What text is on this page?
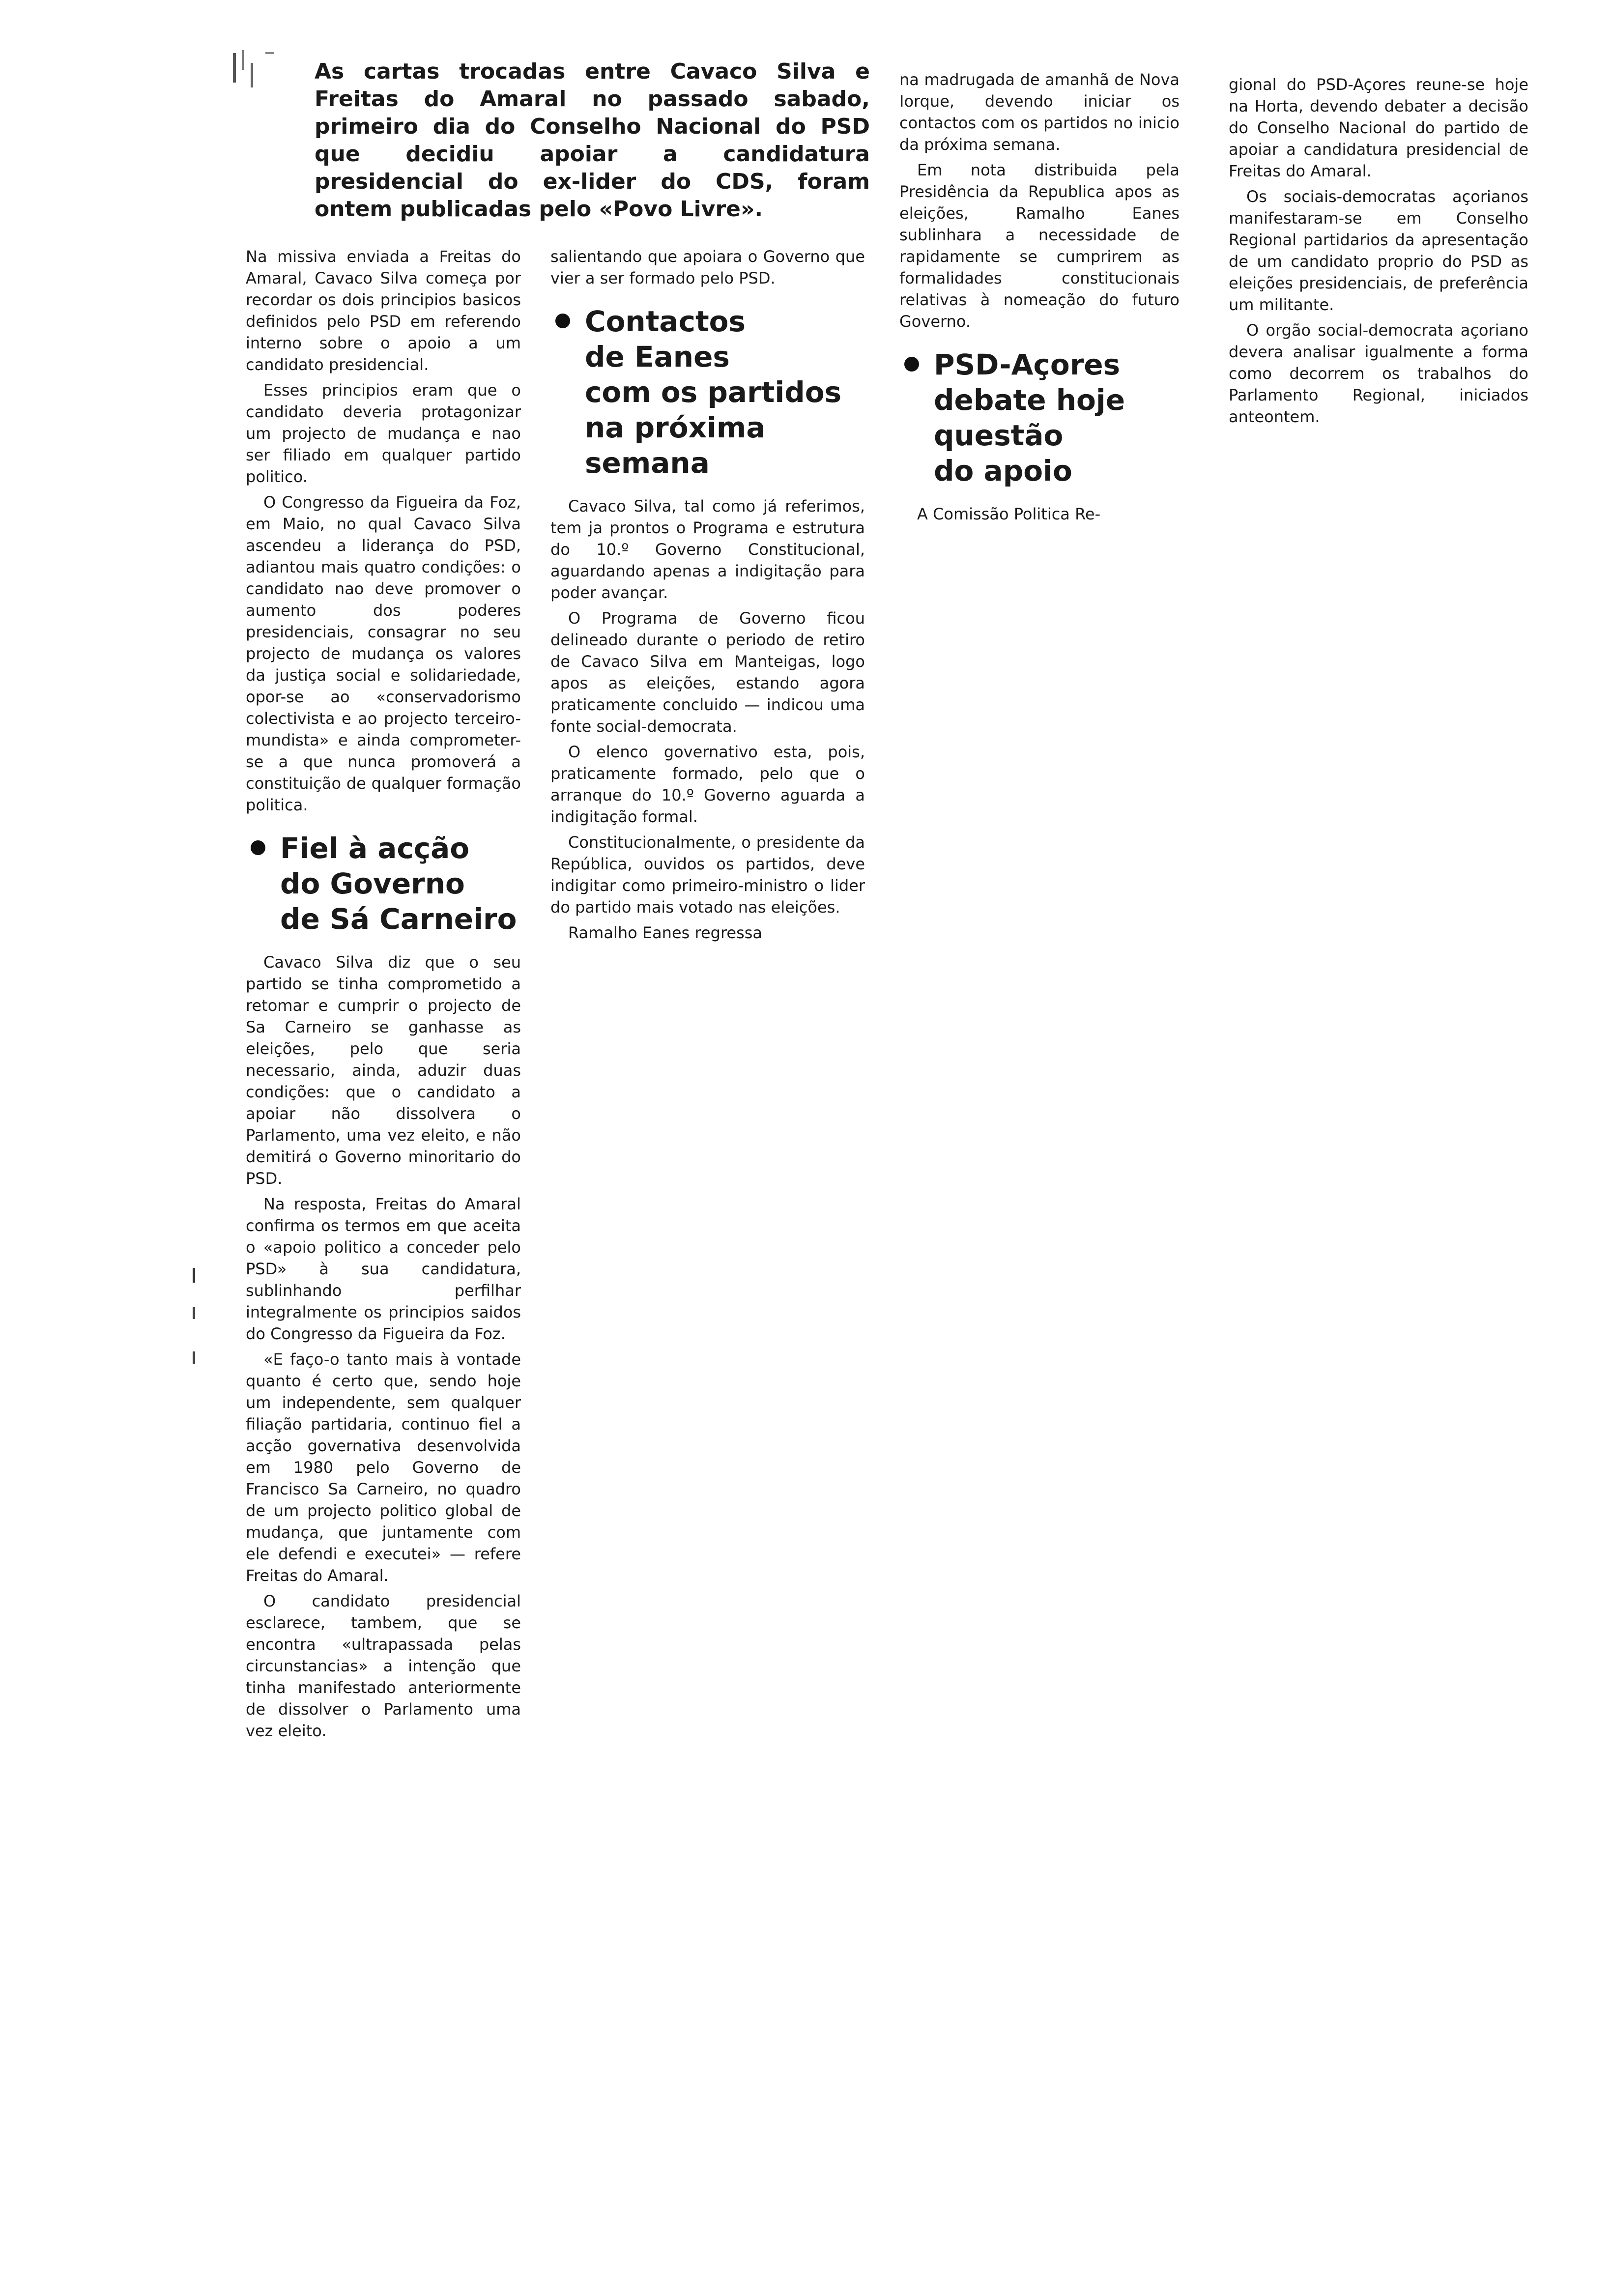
As cartas trocadas entre Cavaco Silva e Freitas do Amaral no passado sabado, primeiro dia do Conselho Nacional do PSD que decidiu apoiar a candidatura presidencial do ex-lider do CDS, foram ontem publicadas pelo «Povo Livre».

Na missiva enviada a Freitas do Amaral, Cavaco Silva começa por recordar os dois principios basicos definidos pelo PSD em referendo interno sobre o apoio a um candidato presidencial.

Esses principios eram que o candidato deveria protagonizar um projecto de mudança e nao ser filiado em qualquer partido politico.

O Congresso da Figueira da Foz, em Maio, no qual Cavaco Silva ascendeu a liderança do PSD, adiantou mais quatro condições: o candidato nao deve promover o aumento dos poderes presidenciais, consagrar no seu projecto de mudança os valores da justiça social e solidariedade, opor-se ao «conservadorismo colectivista e ao projecto terceiro-mundista» e ainda comprometer-se a que nunca promoverá a constituição de qualquer formação politica.

Fiel à acção
do Governo
de Sá Carneiro

Cavaco Silva diz que o seu partido se tinha comprometido a retomar e cumprir o projecto de Sa Carneiro se ganhasse as eleições, pelo que seria necessario, ainda, aduzir duas condições: que o candidato a apoiar não dissolvera o Parlamento, uma vez eleito, e não demitirá o Governo minoritario do PSD.

Na resposta, Freitas do Amaral confirma os termos em que aceita o «apoio politico a conceder pelo PSD» à sua candidatura, sublinhando perfilhar integralmente os principios saidos do Congresso da Figueira da Foz.

«E faço-o tanto mais à vontade quanto é certo que, sendo hoje um independente, sem qualquer filiação partidaria, continuo fiel a acção governativa desenvolvida em 1980 pelo Governo de Francisco Sa Carneiro, no quadro de um projecto politico global de mudança, que juntamente com ele defendi e executei» — refere Freitas do Amaral.

O candidato presidencial esclarece, tambem, que se encontra «ultrapassada pelas circunstancias» a intenção que tinha manifestado anteriormente de dissolver o Parlamento uma vez eleito.

salientando que apoiara o Governo que vier a ser formado pelo PSD.

Contactos
de Eanes
com os partidos
na próxima
semana

Cavaco Silva, tal como já referimos, tem ja prontos o Programa e estrutura do 10.º Governo Constitucional, aguardando apenas a indigitação para poder avançar.

O Programa de Governo ficou delineado durante o periodo de retiro de Cavaco Silva em Manteigas, logo apos as eleições, estando agora praticamente concluido — indicou uma fonte social-democrata.

O elenco governativo esta, pois, praticamente formado, pelo que o arranque do 10.º Governo aguarda a indigitação formal.

Constitucionalmente, o presidente da República, ouvidos os partidos, deve indigitar como primeiro-ministro o lider do partido mais votado nas eleições.

Ramalho Eanes regressa

na madrugada de amanhã de Nova Iorque, devendo iniciar os contactos com os partidos no inicio da próxima semana.

Em nota distribuida pela Presidência da Republica apos as eleições, Ramalho Eanes sublinhara a necessidade de rapidamente se cumprirem as formalidades constitucionais relativas à nomeação do futuro Governo.

PSD-Açores
debate hoje
questão
do apoio

A Comissão Politica Re-

gional do PSD-Açores reune-se hoje na Horta, devendo debater a decisão do Conselho Nacional do partido de apoiar a candidatura presidencial de Freitas do Amaral.

Os sociais-democratas açorianos manifestaram-se em Conselho Regional partidarios da apresentação de um candidato proprio do PSD as eleições presidenciais, de preferência um militante.

O orgão social-democrata açoriano devera analisar igualmente a forma como decorrem os trabalhos do Parlamento Regional, iniciados anteontem.
